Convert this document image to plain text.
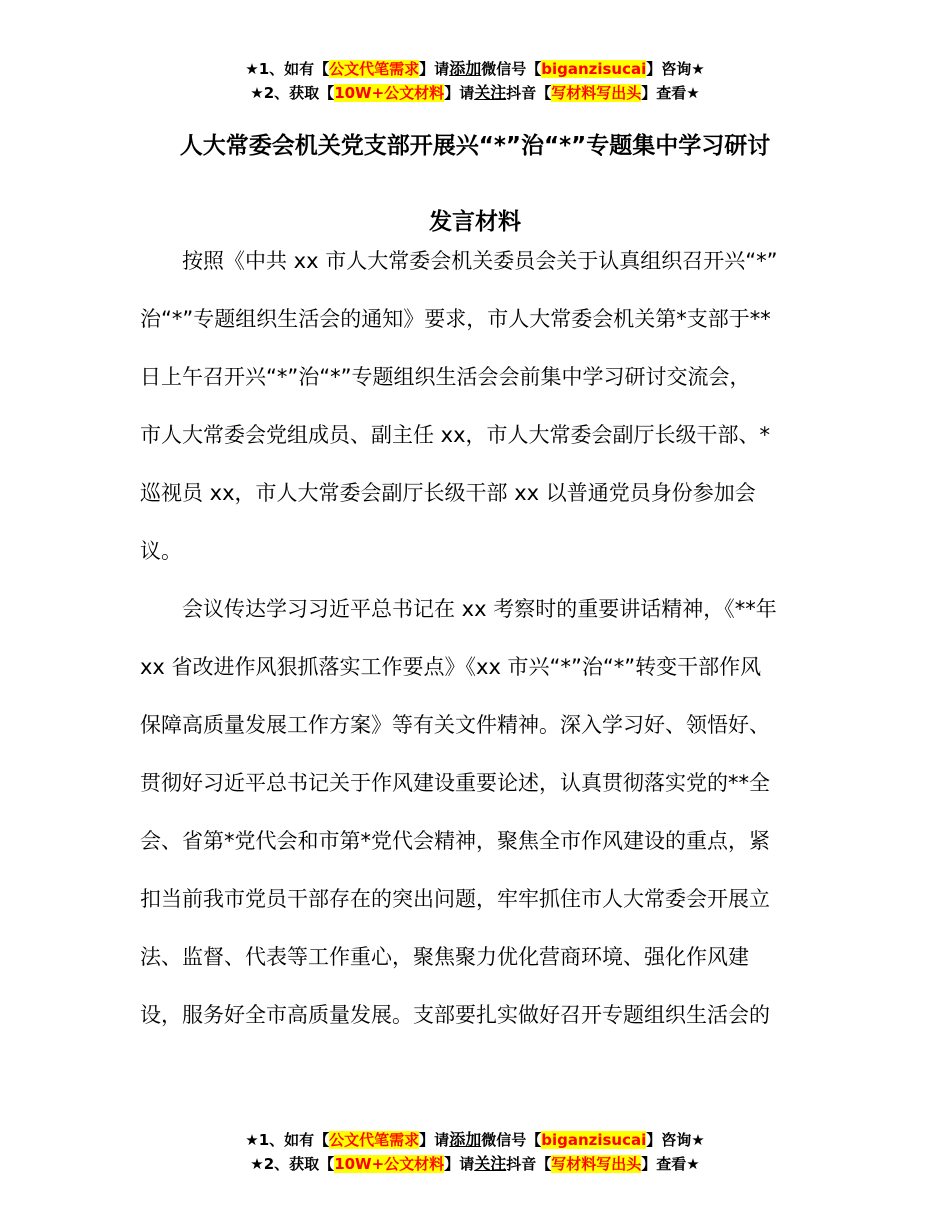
★1、如有【公文代笔需求】请添加微信号【biganzisucai】咨询★
★2、获取【10W+公文材料】请关注抖音【写材料写出头】查看★
人大常委会机关党支部开展兴“*”治“*”专题集中学习研讨
发言材料
　　按照《中共 xx 市人大常委会机关委员会关于认真组织召开兴“*”
治“*”专题组织生活会的通知》要求，市人大常委会机关第*支部于**
日上午召开兴“*”治“*”专题组织生活会会前集中学习研讨交流会，
市人大常委会党组成员、副主任 xx，市人大常委会副厅长级干部、*
巡视员 xx，市人大常委会副厅长级干部 xx 以普通党员身份参加会
议。
　　会议传达学习习近平总书记在 xx 考察时的重要讲话精神，《**年
xx 省改进作风狠抓落实工作要点》《xx 市兴“*”治“*”转变干部作风
保障高质量发展工作方案》等有关文件精神。深入学习好、领悟好、
贯彻好习近平总书记关于作风建设重要论述，认真贯彻落实党的**全
会、省第*党代会和市第*党代会精神，聚焦全市作风建设的重点，紧
扣当前我市党员干部存在的突出问题，牢牢抓住市人大常委会开展立
法、监督、代表等工作重心，聚焦聚力优化营商环境、强化作风建
设，服务好全市高质量发展。支部要扎实做好召开专题组织生活会的
★1、如有【公文代笔需求】请添加微信号【biganzisucai】咨询★
★2、获取【10W+公文材料】请关注抖音【写材料写出头】查看★
